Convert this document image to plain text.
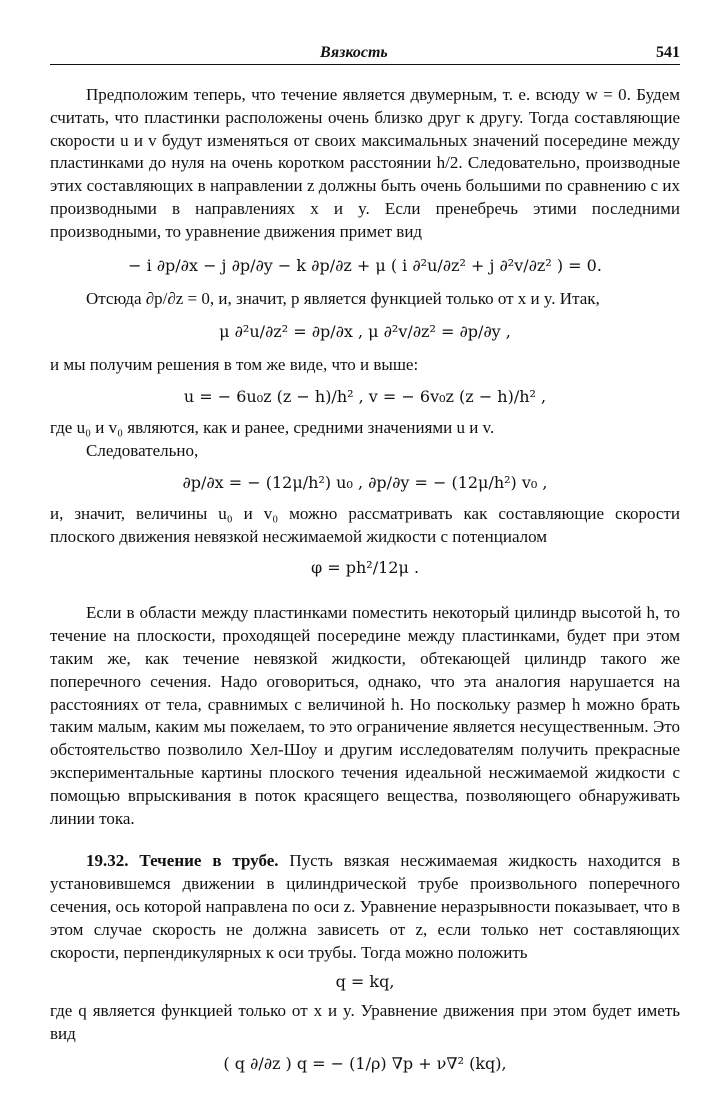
Вязкость	541

Предположим теперь, что течение является двумерным, т. е. всюду w = 0. Будем считать, что пластинки расположены очень близко друг к другу. Тогда составляющие скорости u и v будут изменяться от своих максимальных значений посередине между пластинками до нуля на очень коротком расстоянии h/2. Следовательно, производные этих составляющих в направлении z должны быть очень большими по сравнению с их производными в направлениях x и y. Если пренебречь этими последними производными, то уравнение движения примет вид

− i ∂p/∂x − j ∂p/∂y − k ∂p/∂z + μ ( i ∂²u/∂z² + j ∂²v/∂z² ) = 0.

Отсюда ∂p/∂z = 0, и, значит, p является функцией только от x и y. Итак,

μ ∂²u/∂z² = ∂p/∂x , μ ∂²v/∂z² = ∂p/∂y ,

и мы получим решения в том же виде, что и выше:

u = − 6u₀z (z − h)/h² , v = − 6v₀z (z − h)/h² ,

где u₀ и v₀ являются, как и ранее, средними значениями u и v.

Следовательно,

∂p/∂x = − (12μ/h²) u₀ , ∂p/∂y = − (12μ/h²) v₀ ,

и, значит, величины u₀ и v₀ можно рассматривать как составляющие скорости плоского движения невязкой несжимаемой жидкости с потенциалом

φ = ph²/12μ .

Если в области между пластинками поместить некоторый цилиндр высотой h, то течение на плоскости, проходящей посередине между пластинками, будет при этом таким же, как течение невязкой жидкости, обтекающей цилиндр такого же поперечного сечения. Надо оговориться, однако, что эта аналогия нарушается на расстояниях от тела, сравнимых с величиной h. Но поскольку размер h можно брать таким малым, каким мы пожелаем, то это ограничение является несущественным. Это обстоятельство позволило Хел-Шоу и другим исследователям получить прекрасные экспериментальные картины плоского течения идеальной несжимаемой жидкости с помощью впрыскивания в поток красящего вещества, позволяющего обнаруживать линии тока.

19.32. Течение в трубе. Пусть вязкая несжимаемая жидкость находится в установившемся движении в цилиндрической трубе произвольного поперечного сечения, ось которой направлена по оси z. Уравнение неразрывности показывает, что в этом случае скорость не должна зависеть от z, если только нет составляющих скорости, перпендикулярных к оси трубы. Тогда можно положить

q = kq,

где q является функцией только от x и y. Уравнение движения при этом будет иметь вид

( q ∂/∂z ) q = − (1/ρ) ∇p + ν∇² (kq),
